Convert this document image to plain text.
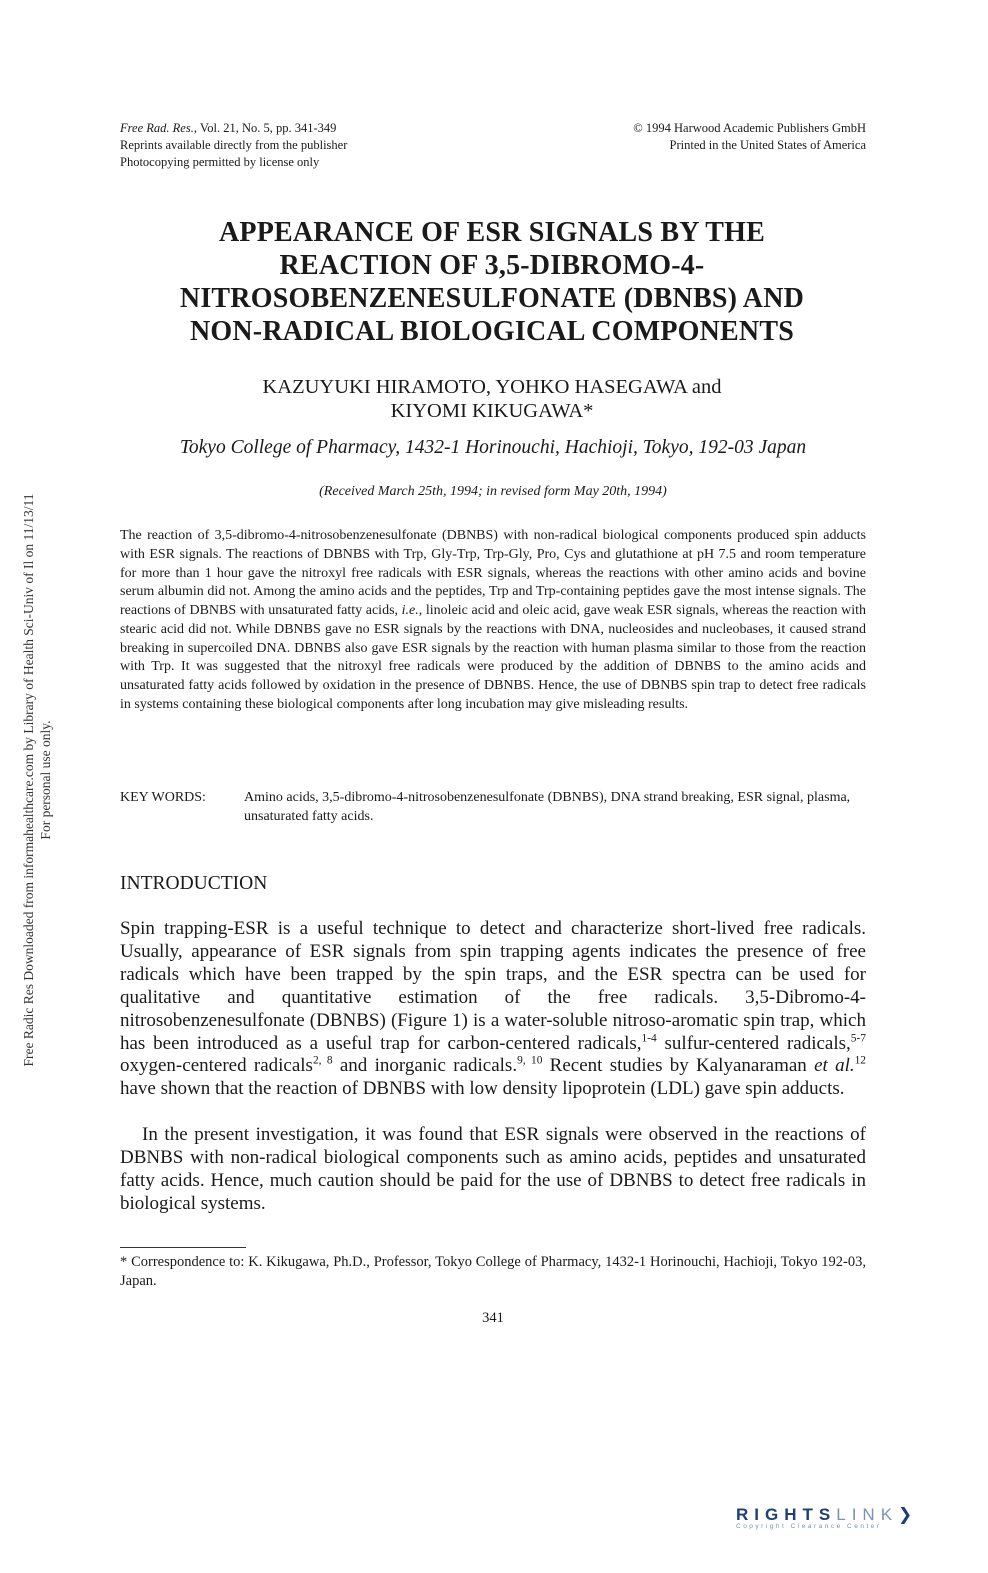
Free Rad. Res., Vol. 21, No. 5, pp. 341-349
Reprints available directly from the publisher
Photocopying permitted by license only
© 1994 Harwood Academic Publishers GmbH
Printed in the United States of America
APPEARANCE OF ESR SIGNALS BY THE
REACTION OF 3,5-DIBROMO-4-
NITROSOBENZENESULFONATE (DBNBS) AND
NON-RADICAL BIOLOGICAL COMPONENTS
KAZUYUKI HIRAMOTO, YOHKO HASEGAWA and
KIYOMI KIKUGAWA*
Tokyo College of Pharmacy, 1432-1 Horinouchi, Hachioji, Tokyo, 192-03 Japan
(Received March 25th, 1994; in revised form May 20th, 1994)
The reaction of 3,5-dibromo-4-nitrosobenzenesulfonate (DBNBS) with non-radical biological components produced spin adducts with ESR signals. The reactions of DBNBS with Trp, Gly-Trp, Trp-Gly, Pro, Cys and glutathione at pH 7.5 and room temperature for more than 1 hour gave the nitroxyl free radicals with ESR signals, whereas the reactions with other amino acids and bovine serum albumin did not. Among the amino acids and the peptides, Trp and Trp-containing peptides gave the most intense signals. The reactions of DBNBS with unsaturated fatty acids, i.e., linoleic acid and oleic acid, gave weak ESR signals, whereas the reaction with stearic acid did not. While DBNBS gave no ESR signals by the reactions with DNA, nucleosides and nucleobases, it caused strand breaking in supercoiled DNA. DBNBS also gave ESR signals by the reaction with human plasma similar to those from the reaction with Trp. It was suggested that the nitroxyl free radicals were produced by the addition of DBNBS to the amino acids and unsaturated fatty acids followed by oxidation in the presence of DBNBS. Hence, the use of DBNBS spin trap to detect free radicals in systems containing these biological components after long incubation may give misleading results.
KEY WORDS:	Amino acids, 3,5-dibromo-4-nitrosobenzenesulfonate (DBNBS), DNA strand breaking, ESR signal, plasma, unsaturated fatty acids.
INTRODUCTION

Spin trapping-ESR is a useful technique to detect and characterize short-lived free radicals. Usually, appearance of ESR signals from spin trapping agents indicates the presence of free radicals which have been trapped by the spin traps, and the ESR spectra can be used for qualitative and quantitative estimation of the free radicals. 3,5-Dibromo-4-nitrosobenzenesulfonate (DBNBS) (Figure 1) is a water-soluble nitroso-aromatic spin trap, which has been introduced as a useful trap for carbon-centered radicals,$^{1-4}$ sulfur-centered radicals,$^{5-7}$ oxygen-centered radicals$^{2, 8}$ and inorganic radicals.$^{9, 10}$ Recent studies by Kalyanaraman et al.$^{12}$ have shown that the reaction of DBNBS with low density lipoprotein (LDL) gave spin adducts.

In the present investigation, it was found that ESR signals were observed in the reactions of DBNBS with non-radical biological components such as amino acids, peptides and unsaturated fatty acids. Hence, much caution should be paid for the use of DBNBS to detect free radicals in biological systems.

* Correspondence to: K. Kikugawa, Ph.D., Professor, Tokyo College of Pharmacy, 1432-1 Horinouchi, Hachioji, Tokyo 192-03, Japan.
341
Free Radic Res Downloaded from informahealthcare.com by Library of Health Sci-Univ of Il on 11/13/11 For personal use only.
RIGHTSLINK❯
Copyright Clearance Center
